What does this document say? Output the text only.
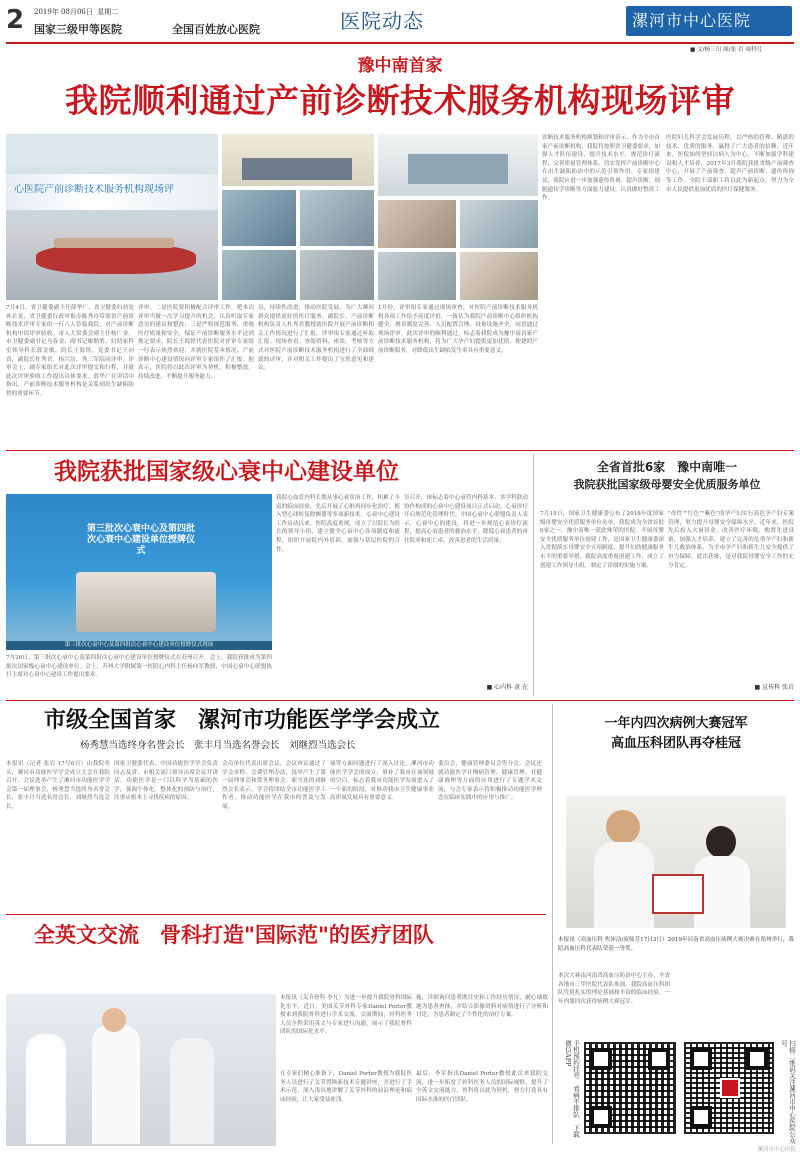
2 2019年 08月06日 星期二
国家三级甲等医院	全国百姓放心医院	医院动态	漯河市中心医院
■ 文/杨三川 图/张 岩 周科号
豫中南首家
我院顺利通过产前诊断技术服务机构现场评审
心医院产前诊断技术服务机构现场评
7月4日，省卫健委副主任薛华广、省卫健委妇幼处孙长龙、省卫健委行政审批办陈秀玲带领省产前诊断技术评审专家组一行八人莅临我院，对产前诊断机构申请评审验收。市人大常委会副主任杨广金，市卫健委副书记马春金、副书记姬勤胜、妇幼家科室领导科长郭金敏，院长王海铎，党委书记王向真，副院长杜秀君、杨兴洁、秀三军陪同评审。评审会上，副专家组长对此次评审提交和行程，并就此次评审验收工作提出具体要求。薛华广在讲话中指出，产前诊断技术服务机构是关系到出生缺陷防控的重要环节。
评审。二是医院要积极配合评审工作，把本次评审当做一次学习提升的机会，认真听取专家意见的建议和整改；三是严格规范服务，重视医疗质量和安全，保证产前诊断服务水平达到规定要求。院长王海铎代表医院对评审专家组一行表示热烈欢迎，并就医院基本情况、产前诊断中心建设情况向评审专家组作了汇报。他表示，医院将以此次评审为契机，积极整改，持续改进，不断提升服务能力。
员，持续性改进，推动医院发展。为广大漯河群众提供更好的医疗服务。副院长、产前诊断机构负责人杜秀君教授就医院开展产前诊断相关工作情况进行了汇报。评审组专家通过听取汇报、现场查看、查阅资料、座谈、考核等方式对医院产前诊断技术服务机构进行了全面细致的评审，并对相关工作提出了宝贵意见和建议。
1月份，评审组专家通过现场审查，对医院产前诊断技术服务机构各项工作给予高度评价，一致认为我院产前诊断中心组织机构健全、规章制度完善、人员配置合理、设备设施齐全，同意通过现场评审。此次评审的顺利通过，标志着我院成为豫中南首家产前诊断技术服务机构，将为广大孕产妇提供更加优质、便捷的产前诊断服务，对降低出生缺陷发生率具有重要意义。
诊断技术服务机构规划和评审表示，作为全市首家产前诊断机构，我院将按照省卫健委要求，加强人才队伍建设，提升技术水平，规范诊疗流程，完善质量管理体系，切实发挥产前诊断中心在出生缺陷防治中的示范引领作用。专家组建议，我院应进一步加强遗传咨询、超声诊断、细胞遗传学诊断等方面能力建设，认真做好整改工作。
医院妇儿科学会发展历程，以严格的管理、精湛的技术、优质的服务，赢得了广大患者的信赖。近年来，医院始终坚持以病人为中心，不断加强学科建设和人才培养，2017年3月我院获批省级产前筛查中心，开展了产前筛查、超声产前诊断、遗传咨询等工作。全院干部职工将以此为新起点，努力为全市人民提供更加优质的医疗保健服务。
我院获批国家级心衰中心建设单位
第三批次心衰中心及第四批次心衰中心建设单位授牌仪式
第三批次心衰中心及第四批次心衰中心建设单位授牌仪式现场
7月26日，第三批次心衰中心及第四批次心衰中心建设单位授牌仪式在苏州召开。会上，我院获批成为第四批次国家级心衰中心建设单位。会上，苏州大学附属第一医院心内科主任杨向军教授、中国心衰中心联盟执行主席对心衰中心建设工作提出要求。
我院心血管内科长期从事心衰诊治工作，积累了丰富的临床经验，先后开展了心脏再同步化治疗、植入型心律转复除颤器等多项新技术。心衰中心建设工作启动以来，医院高度重视，成立了以院长为组长的领导小组，建立健全心衰中心各项制度和流程，组织开展院内外培训，加强与基层医院的合作。
室召开，该标志着中心衰管内科基本、多学科联动协作构成的心衰中心建设项目正式启动。心衰诊疗开启规范化管理时代。中国心衰中心联盟负责人表示，心衰中心的建设，将进一步规范心衰诊疗流程，提高心衰患者的救治水平，降低心衰患者的再住院率和死亡率，改善患者的生活质量。
■ 心内科 黄 在
全省首批6家　豫中南唯一
我院获批国家级母婴安全优质服务单位
7月19日，国家卫生健康委公布了2018年度国家级母婴安全优质服务单位名单，我院成为全省首批6家之一、豫中南唯一获此殊荣的医院。开展母婴安全优质服务单位创建工作，是国家卫生健康委深入贯彻落实母婴安全五项制度、提升妇幼健康服务水平的重要举措。我院高度重视创建工作，成立了创建工作领导小组，制定了详细的实施方案。
"母性""红色""紫色"的孕产妇实行高危孕产妇专案管理，努力提升母婴安全保障水平。近年来，医院先后投入大量资金，改善医疗环境，购置先进设备，加强人才培养，建立了完善的危重孕产妇和新生儿救治体系，为全市孕产妇和新生儿安全提供了有力保障。此次获批，是对我院母婴安全工作的充分肯定。
■ 宣传科 张岩
市级全国首家　漯河市功能医学学会成立
杨秀慧当选终身名誉会长　张丰月当选名誉会长　刘继烈当选会长
本报讯（记者 张岩 17号6日）由我院牵头，漯河市功能医学学会成立大会在我院召开。会议选举产生了漯河市功能医学学会第一届理事会，杨秀慧当选终身名誉会长，张丰月当选名誉会长，刘继烈当选会长。
国家卫健委代表、中国功能医学学会负责同志及省、市相关部门领导出席会议并讲话。功能医学是一门以科学为基础的医学，强调个体化、整体化的预防与治疗，注重从根本上寻找疾病的原因。
会员单位代表出席会议。会议审议通过了学会章程、会费管理办法，选举产生了第一届理事会和常务理事会。新当选的刘继烈会长表示，学会将团结全市功能医学工作者，推动功能医学在我市的普及与发展。
展等方面问题进行了深入讨论。漯河市功能医学学会的成立，填补了我市在该领域的空白，标志着我市功能医学发展进入了一个新的阶段，对推动我市卫生健康事业高质量发展具有重要意义。
委员会，健康管理委员会等分会。会议还就功能医学在慢病管理、健康管理、亚健康调理等方面的应用进行了专题学术交流，与会专家表示将积极推动功能医学理念在临床实践中的应用与推广。
一年内四次病例大赛冠军
高血压科团队再夺桂冠
本报讯（高血压科 焦沛洁/废师芳17日3日）2019年河南省高血压病例大赛决赛在郑州举行，我院高血压科代表队荣获一等奖。
本次大赛由河南省高血压防治中心主办，全省各地市三甲医院代表队参加。我院高血压科团队凭借扎实的理论基础和丰富的临床经验，一年内第四次获得病例大赛冠军。
全英文交流　骨科打造"国际范"的医疗团队
本报讯（关节骨科 李凡）为进一步提升我院骨科国际化水平，近日，美国关节外科专家Daniel Porter教授来到我院骨科进行学术交流。交流期间，骨科医务人员全程采用英文与专家进行沟通，展示了我院骨科团队的国际化水平。
在专家们精心准备下，Daniel Porter教授为我院医务人员进行了关节置换新技术专题讲座，并进行了手术示范，深入浅出地讲解了关节外科的前沿理论和临床经验，让大家受益匪浅。
施，详细询问患者既往史和工作经历情况，耐心细致地为患者查体，并结合影像资料对病情进行了分析和讨论，为患者制定了个性化的治疗方案。
最后，李军指出Daniel Porter教授此次来我院交流，进一步拓宽了骨科医务人员的国际视野，提升了全英文交流能力，骨科将以此为契机，努力打造具有国际水准的医疗团队。	手机预约挂号　看病不排队　下载微信APP	扫描二维码关注漯河市中心医院公众号
漯河市中心医院
